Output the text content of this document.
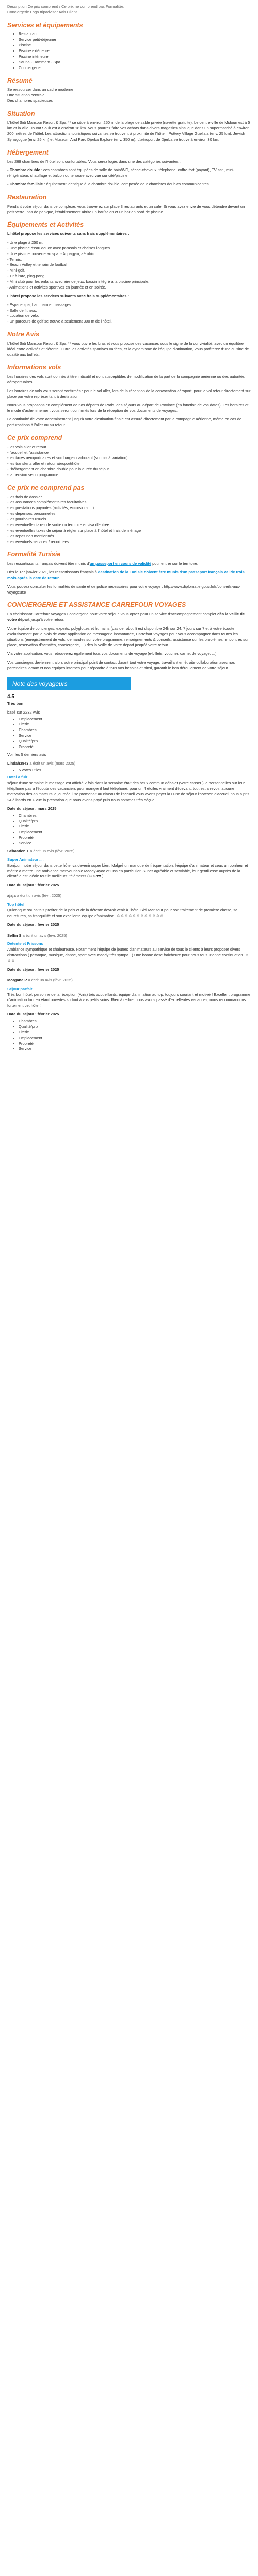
Description Ce prix comprend / Ce prix ne comprend pas Formalités
Conciergerie Logo tripadvisor Avis Client
Services et équipements
• Restaurant
• Service petit-déjeuner
• Piscine
• Piscine extérieure
• Piscine intérieure
• Sauna - Hammam - Spa
• Conciergerie
Résumé
Se ressourcer dans un cadre moderne
Une situation centrale
Des chambres spacieuses
Situation

L'hôtel Sidi Mansour Resort & Spa 4* se situe à environ 250 m de la plage de sable privée (navette gratuite). Le centre-ville de Midoun est à 5 km et la ville Houmt Souk est à environ 18 km. Vous pourrez faire vos achats dans divers magasins ainsi que dans un supermarché à environ 200 mètres de l'hôtel. Les attractions touristiques suivantes se trouvent à proximité de l'hôtel : Pottery Village Guellala (env. 25 km), Jewish Synagogue (env. 25 km) et Museum And Parc Djerba Explore (env. 350 m). L'aéroport de Djerba se trouve à environ 30 km.

Hébergement

Les 269 chambres de l'hôtel sont confortables. Vous serez logés dans une des catégories suivantes :

- Chambre double : ces chambres sont équipées de salle de bain/WC, sèche-cheveux, téléphone, coffre-fort (payant), TV sat., mini-réfrigérateur, chauffage et balcon ou terrasse avec vue sur cité/piscine.

- Chambre familiale : équipement identique à la chambre double, composée de 2 chambres doubles communicantes.

Restauration

Pendant votre séjour dans ce complexe, vous trouverez sur place 3 restaurants et un café. Si vous avez envie de vous détendre devant un petit verre, pas de panique, l'établissement abrite un bar/salon et un bar en bord de piscine.

Équipements et Activités

L'hôtel propose les services suivants sans frais supplémentaires :

- Une plage à 250 m.
- Une piscine d'eau douce avec parasols et chaises longues.
- Une piscine couverte au spa. - Aquagym, aérobic ...
- Tennis.
- Beach Volley et terrain de football.
- Mini-golf.
- Tir à l'arc, ping-pong.
- Mini club pour les enfants avec aire de jeux, bassin intégré à la piscine principale.
- Animations et activités sportives en journée et en soirée.

L'hôtel propose les services suivants avec frais supplémentaires :

- Espace spa, hammam et massages.
- Salle de fitness.
- Location de vélo.
- Un parcours de golf se trouve à seulement 300 m de l'hôtel.
Notre Avis

L'hôtel Sidi Mansour Resort & Spa 4* vous ouvre les bras et vous propose des vacances sous le signe de la convivialité, avec un équilibre idéal entre activités et détente. Outre les activités sportives variées, et la dynamisme de l'équipe d'animation, vous profiterez d'une cuisine de qualité aux buffets.

Informations vols

Les horaires des vols sont donnés à titre indicatif et sont susceptibles de modification de la part de la compagnie aérienne ou des autorités aéroportuaires.

Les horaires de vols vous seront confirmés : pour le vol aller, lors de la réception de la convocation aéroport, pour le vol retour directement sur place par votre représentant à destination.

Nous vous proposons en complément de nos départs de Paris, des séjours au départ de Province (en fonction de vos dates). Les horaires et le mode d'acheminement vous seront confirmés lors de la réception de vos documents de voyages.

La continuité de votre acheminement jusqu'à votre destination finale est assuré directement par la compagnie aérienne, même en cas de perturbations à l'aller ou au retour.

Ce prix comprend
- les vols aller et retour
- l'accueil et l'assistance
- les taxes aéroportuaires et surcharges carburant (soumis à variation)
- les transferts aller et retour aéroport/hôtel
- l'hébergement en chambre double pour la durée du séjour
- la pension selon programme
Ce prix ne comprend pas
- les frais de dossier
- les assurances complémentaires facultatives
- les prestations payantes (activités, excursions ...)
- les dépenses personnelles
- les pourboires usuels
- les éventuelles taxes de sortie du territoire et visa d'entrée
- les éventuelles taxes de séjour à régler sur place à l'hôtel et frais de ménage
- les repas non mentionnés
- les éventuels services / recort fees
Formalité Tunisie

Les ressortissants français doivent être munis d'un passeport en cours de validité pour entrer sur le territoire.

Dès le 1er janvier 2021, les ressortissants français à destination de la Tunisie doivent être munis d'un passeport français valide trois mois après la date de retour.

Vous pouvez consulter les formalités de santé et de police nécessaires pour votre voyage : http://www.diplomatie.gouv.fr/fr/conseils-aux-voyageurs/

CONCIERGERIE ET ASSISTANCE CARREFOUR VOYAGES

En choisissant Carrefour Voyages Conciergerie pour votre séjour, vous optez pour un service d'accompagnement complet dès la veille de votre départ jusqu'à votre retour.

Votre équipe de concierges, experts, polyglottes et humains (pas de robot !) est disponible 24h sur 24, 7 jours sur 7 et à votre écoute exclusivement par le biais de votre application de messagerie instantanée, Carrefour Voyages pour vous accompagner dans toutes les situations (enregistrement de vols, demandes sur votre programme, renseignements & conseils, assistance sur les problèmes rencontrés sur place, réservation d'activités, conciergerie, ...) dès la veille de votre départ jusqu'à votre retour.

Via votre application, vous retrouverez également tous vos documents de voyage (e-billets, voucher, carnet de voyage, ...)

Vos concierges deviennent alors votre principal point de contact durant tout votre voyage, travaillant en étroite collaboration avec nos partenaires locaux et nos équipes internes pour répondre à tous vos besoins et ainsi, garantir le bon déroulement de votre séjour.

Note des voyageurs
4.5
Très bon
basé sur 2232 Avis
• Emplacement
• Literie
• Chambres
• Service
• Qualité/prix
• Propreté
Voir les 5 derniers avis
Lindah3843 a écrit un avis (mars 2025)
• 5 votes utiles
Hotel a fuir

séjour d'une semaine le message est affiché 2 fois dans la semaine était des heux commun débalet (votre casser ) le personnelles sur leur téléphone pas a l'écoute des vacanciers pour manger il faut téléphoné, pour un 4 étoiles vraiment décevant. tout est a revoir. aucune motivation des animateurs la journée il se promenait au niveau de l'accueil vous avons payer la Lune de séjour l'hoteson d'accueil nous a pris 24 élisards en + vue la prestation que nous avons payé puis nous sommes très déçue

Date du séjour : mars 2025
• Chambres
• Qualité/prix
• Literie
• Emplacement
• Propreté
• Service
Sébastien T a écrit un avis (févr. 2025)
Super Animateur ....

Bonjour, notre séjour dans cette hôtel va devenir super bien. Malgré un manque de fréquentation. l'équipe d'animateur et ceux un bonheur et mérite à mettre une ambiance menvouriable Maddy Ayoo et Oss en particulier. Super agréable et serviable, leur gentillesse auprès de la clientèle est idéale tout le meilleurs! téléments (☺☺♥♥ )

Date du séjour : février 2025
ajaja a écrit un avis (févr. 2025)
Top hôtel

Quiconque souhaitais profiter de la paix et de la détente devrait venir à l'hôtel Sidi Mansour pour son traitement de premiere classe, sa nourritures, sa tranquillité et son excellente équipe d'animation. ☺☺☺☺☺☺☺☺☺☺☺☺

Date du séjour : février 2025
Selfin S a écrit un avis (févr. 2025)
Détente et Frissons

Ambiance sympathique et chaleureuse. Notamment l'équipe de jeunes d'animateurs au service de tous le clients à leurs proposer divers distractions ( pétanque, musique, danse, sport avec maddy très sympa...) Une bonne dose fraicheure pour nous tous. Bonne continuation. ☺☺☺

Date du séjour : février 2025
Morgane P a écrit un avis (févr. 2025)
Séjour parfait

Très bon hôtel, personne de la réception (Anis) très accueillants, équipe d'animation au top, toujours souriant et motivé ! Excellent programme d'animation tout en étant ouvertes surtout à vos petits soins. Rien à redire, nous avons passé d'excellentes vacances, nous recommandons fortement cet hôtel !

Date du séjour : février 2025
• Chambres
• Qualité/prix
• Literie
• Emplacement
• Propreté
• Service
